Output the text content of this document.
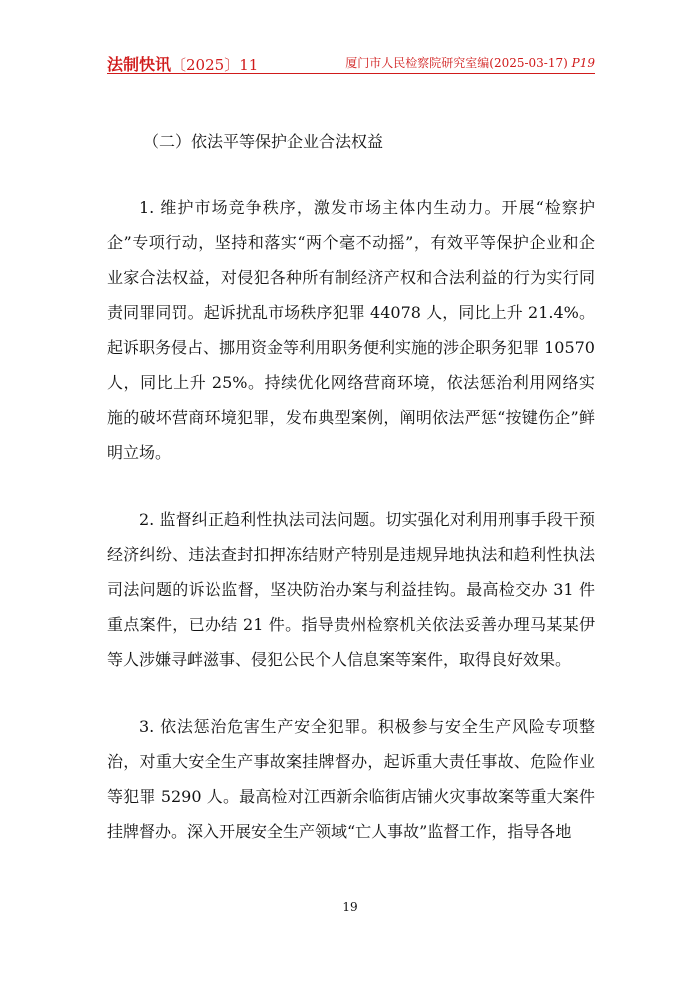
法制快讯〔2025〕11	厦门市人民检察院研究室编(2025-03-17) P19
（二）依法平等保护企业合法权益

1. 维护市场竞争秩序，激发市场主体内生动力。开展“检察护企”专项行动，坚持和落实“两个毫不动摇”，有效平等保护企业和企业家合法权益，对侵犯各种所有制经济产权和合法利益的行为实行同责同罪同罚。起诉扰乱市场秩序犯罪 44078 人，同比上升 21.4%。起诉职务侵占、挪用资金等利用职务便利实施的涉企职务犯罪 10570 人，同比上升 25%。持续优化网络营商环境，依法惩治利用网络实施的破坏营商环境犯罪，发布典型案例，阐明依法严惩“按键伤企”鲜明立场。

2. 监督纠正趋利性执法司法问题。切实强化对利用刑事手段干预经济纠纷、违法查封扣押冻结财产特别是违规异地执法和趋利性执法司法问题的诉讼监督，坚决防治办案与利益挂钩。最高检交办 31 件重点案件，已办结 21 件。指导贵州检察机关依法妥善办理马某某伊等人涉嫌寻衅滋事、侵犯公民个人信息案等案件，取得良好效果。

3. 依法惩治危害生产安全犯罪。积极参与安全生产风险专项整治，对重大安全生产事故案挂牌督办，起诉重大责任事故、危险作业等犯罪 5290 人。最高检对江西新余临街店铺火灾事故案等重大案件挂牌督办。深入开展安全生产领域“亡人事故”监督工作，指导各地

19
